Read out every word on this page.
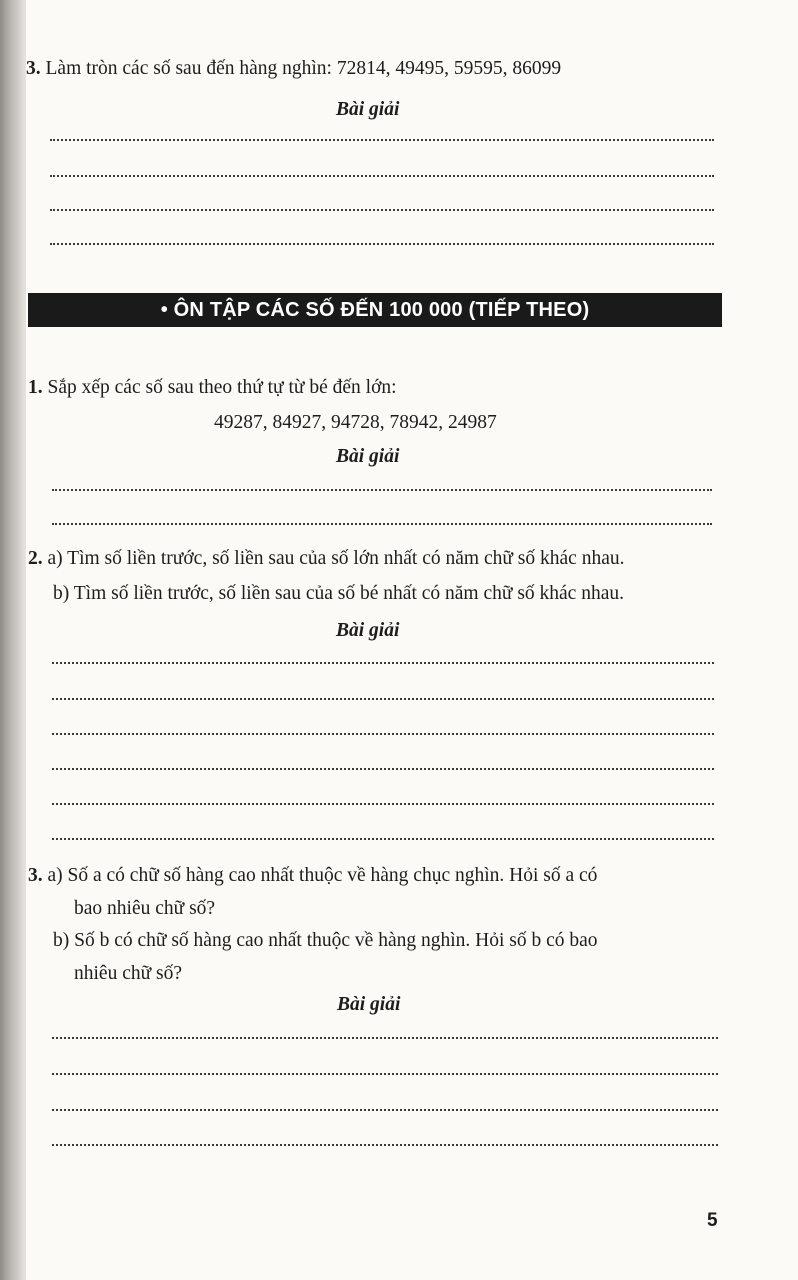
3. Làm tròn các số sau đến hàng nghìn: 72814, 49495, 59595, 86099
Bài giải
• ÔN TẬP CÁC SỐ ĐẾN 100 000 (TIẾP THEO)
1. Sắp xếp các số sau theo thứ tự từ bé đến lớn:
49287, 84927, 94728, 78942, 24987
Bài giải
2. a) Tìm số liền trước, số liền sau của số lớn nhất có năm chữ số khác nhau.
b) Tìm số liền trước, số liền sau của số bé nhất có năm chữ số khác nhau.
Bài giải
3. a) Số a có chữ số hàng cao nhất thuộc về hàng chục nghìn. Hỏi số a có
bao nhiêu chữ số?
b) Số b có chữ số hàng cao nhất thuộc về hàng nghìn. Hỏi số b có bao
nhiêu chữ số?
Bài giải
5
